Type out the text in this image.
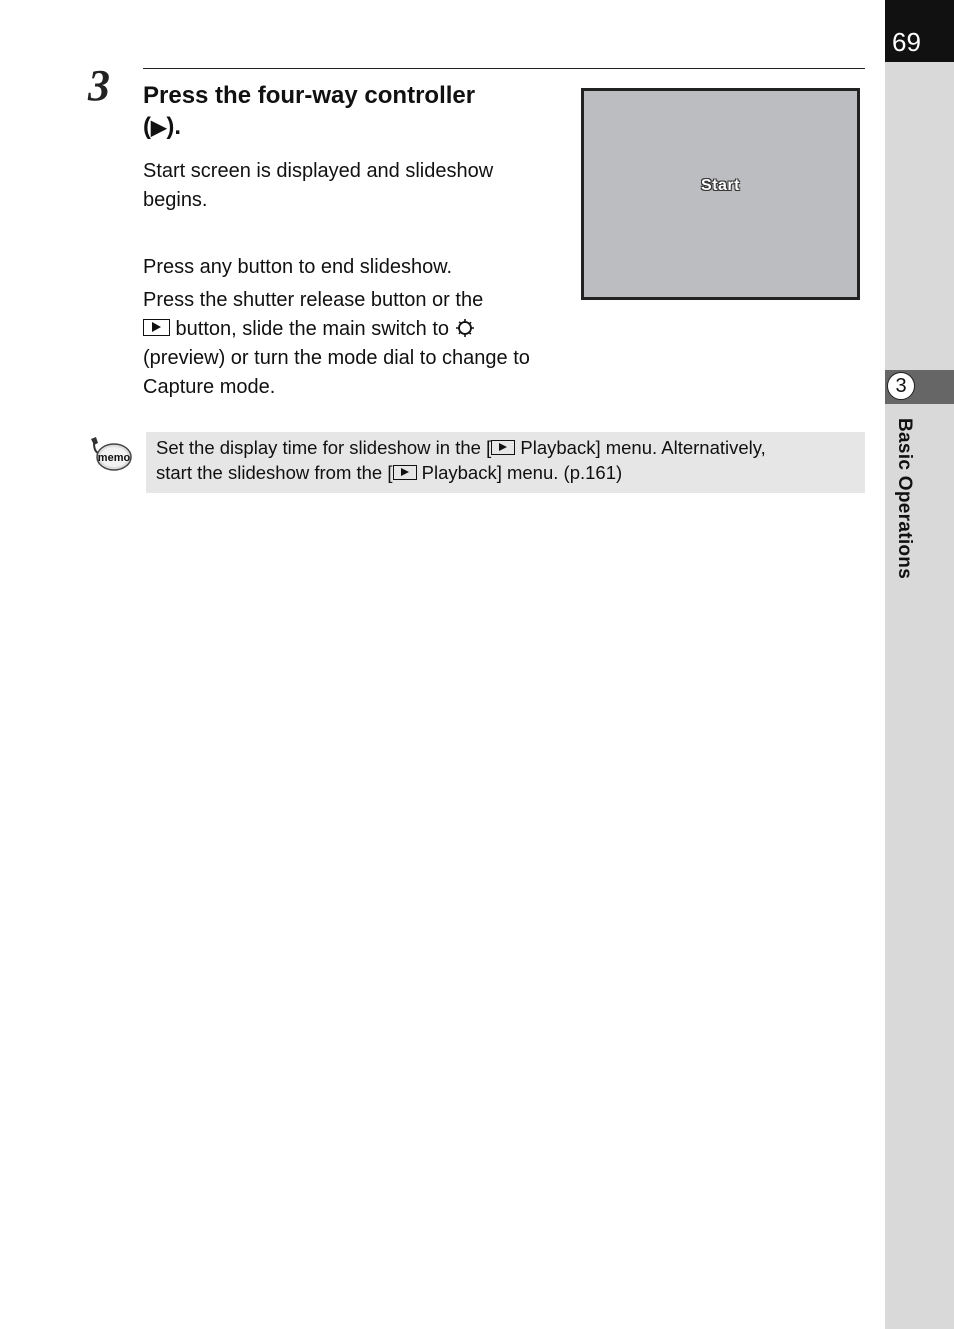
69
3
Basic Operations
3 Press the four-way controller
(▶).

Start screen is displayed and slideshow begins.

Press any button to end slideshow.

Press the shutter release button or the
button, slide the main switch to
(preview) or turn the mode dial to change to Capture mode.

Start
memo	Set the display time for slideshow in the [ Playback] menu. Alternatively,
start the slideshow from the [ Playback] menu. (p.161)
